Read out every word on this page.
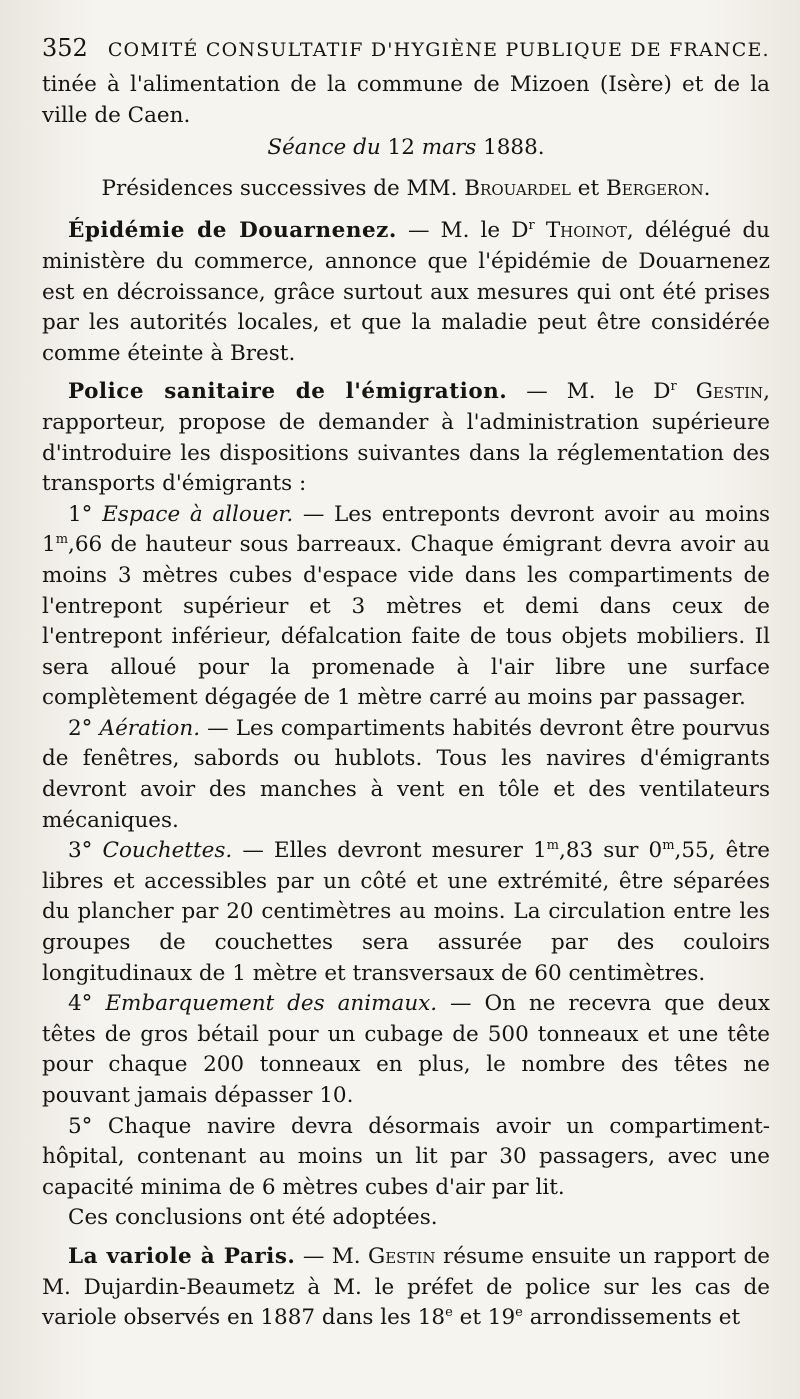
352 COMITÉ CONSULTATIF D'HYGIÈNE PUBLIQUE DE FRANCE.

tinée à l'alimentation de la commune de Mizoen (Isère) et de la ville de Caen.

Séance du 12 mars 1888.

Présidences successives de MM. Brouardel et Bergeron.

Épidémie de Douarnenez. — M. le $D^r$ Thoinot, délégué du ministère du commerce, annonce que l'épidémie de Douarnenez est en décroissance, grâce surtout aux mesures qui ont été prises par les autorités locales, et que la maladie peut être considérée comme éteinte à Brest.

Police sanitaire de l'émigration. — M. le $D^r$ Gestin, rapporteur, propose de demander à l'administration supérieure d'introduire les dispositions suivantes dans la réglementation des transports d'émigrants :

1° Espace à allouer. — Les entreponts devront avoir au moins 1$^m$,66 de hauteur sous barreaux. Chaque émigrant devra avoir au moins 3 mètres cubes d'espace vide dans les compartiments de l'entrepont supérieur et 3 mètres et demi dans ceux de l'entrepont inférieur, défalcation faite de tous objets mobiliers. Il sera alloué pour la promenade à l'air libre une surface complètement dégagée de 1 mètre carré au moins par passager.

2° Aération. — Les compartiments habités devront être pourvus de fenêtres, sabords ou hublots. Tous les navires d'émigrants devront avoir des manches à vent en tôle et des ventilateurs mécaniques.

3° Couchettes. — Elles devront mesurer 1$^m$,83 sur 0$^m$,55, être libres et accessibles par un côté et une extrémité, être séparées du plancher par 20 centimètres au moins. La circulation entre les groupes de couchettes sera assurée par des couloirs longitudinaux de 1 mètre et transversaux de 60 centimètres.

4° Embarquement des animaux. — On ne recevra que deux têtes de gros bétail pour un cubage de 500 tonneaux et une tête pour chaque 200 tonneaux en plus, le nombre des têtes ne pouvant jamais dépasser 10.

5° Chaque navire devra désormais avoir un compartiment-hôpital, contenant au moins un lit par 30 passagers, avec une capacité minima de 6 mètres cubes d'air par lit.

Ces conclusions ont été adoptées.

La variole à Paris. — M. Gestin résume ensuite un rapport de M. Dujardin-Beaumetz à M. le préfet de police sur les cas de variole observés en 1887 dans les 18e et 19e arrondissements et
